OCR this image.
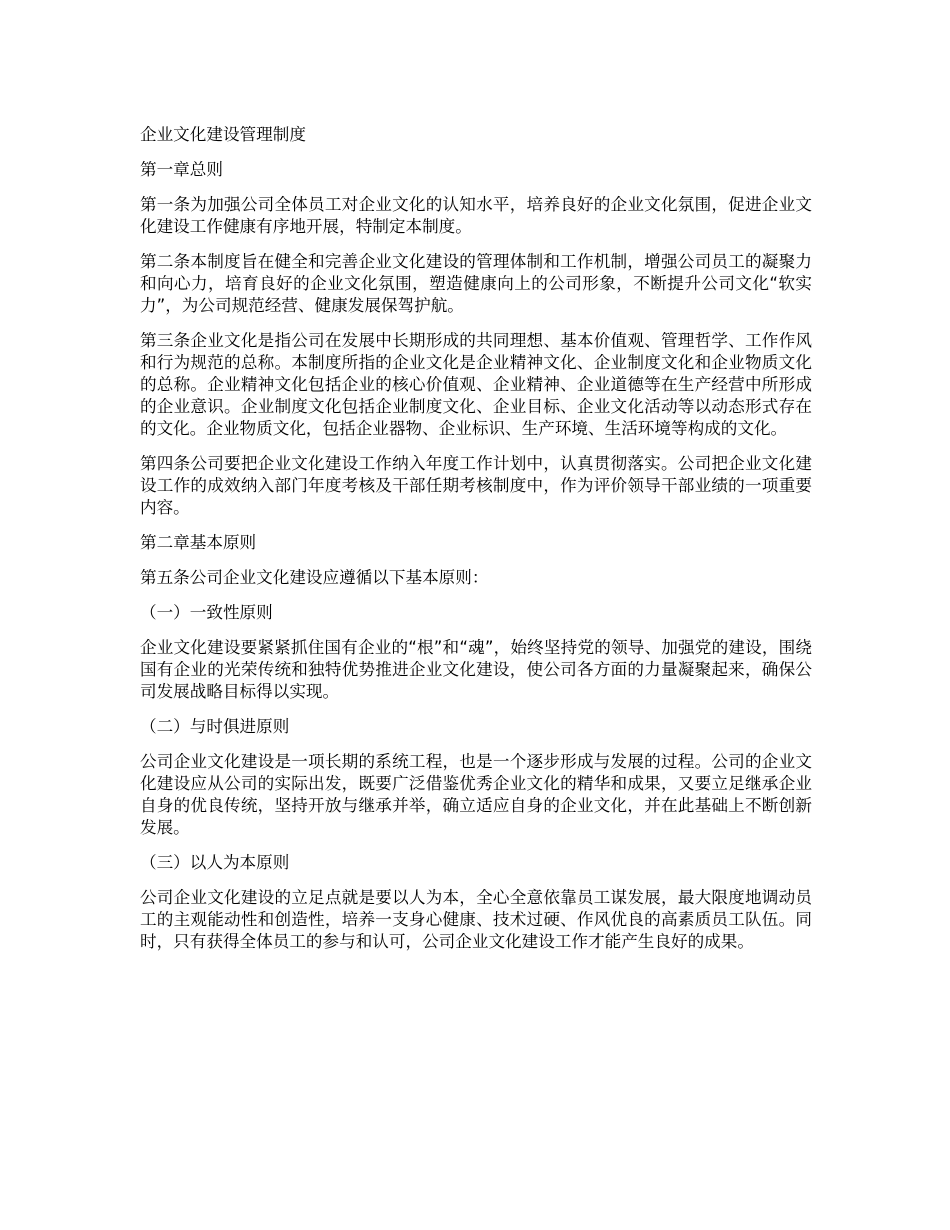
企业文化建设管理制度

第一章总则

第一条为加强公司全体员工对企业文化的认知水平，培养良好的企业文化氛围，促进企业文化建设工作健康有序地开展，特制定本制度。

第二条本制度旨在健全和完善企业文化建设的管理体制和工作机制，增强公司员工的凝聚力和向心力，培育良好的企业文化氛围，塑造健康向上的公司形象，不断提升公司文化“软实力”，为公司规范经营、健康发展保驾护航。

第三条企业文化是指公司在发展中长期形成的共同理想、基本价值观、管理哲学、工作作风和行为规范的总称。本制度所指的企业文化是企业精神文化、企业制度文化和企业物质文化的总称。企业精神文化包括企业的核心价值观、企业精神、企业道德等在生产经营中所形成的企业意识。企业制度文化包括企业制度文化、企业目标、企业文化活动等以动态形式存在的文化。企业物质文化，包括企业器物、企业标识、生产环境、生活环境等构成的文化。

第四条公司要把企业文化建设工作纳入年度工作计划中，认真贯彻落实。公司把企业文化建设工作的成效纳入部门年度考核及干部任期考核制度中，作为评价领导干部业绩的一项重要内容。

第二章基本原则

第五条公司企业文化建设应遵循以下基本原则：

（一）一致性原则

企业文化建设要紧紧抓住国有企业的“根”和“魂”，始终坚持党的领导、加强党的建设，围绕国有企业的光荣传统和独特优势推进企业文化建设，使公司各方面的力量凝聚起来，确保公司发展战略目标得以实现。

（二）与时俱进原则

公司企业文化建设是一项长期的系统工程，也是一个逐步形成与发展的过程。公司的企业文化建设应从公司的实际出发，既要广泛借鉴优秀企业文化的精华和成果，又要立足继承企业自身的优良传统，坚持开放与继承并举，确立适应自身的企业文化，并在此基础上不断创新发展。

（三）以人为本原则

公司企业文化建设的立足点就是要以人为本，全心全意依靠员工谋发展，最大限度地调动员工的主观能动性和创造性，培养一支身心健康、技术过硬、作风优良的高素质员工队伍。同时，只有获得全体员工的参与和认可，公司企业文化建设工作才能产生良好的成果。
